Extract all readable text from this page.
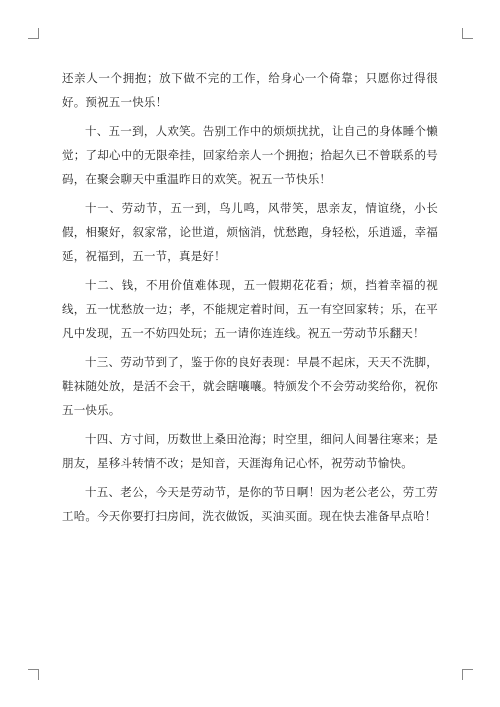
还亲人一个拥抱；放下做不完的工作，给身心一个倚靠；只愿你过得很好。预祝五一快乐！

十、五一到，人欢笑。告别工作中的烦烦扰扰，让自己的身体睡个懒觉；了却心中的无限牵挂，回家给亲人一个拥抱；拾起久已不曾联系的号码，在聚会聊天中重温昨日的欢笑。祝五一节快乐！

十一、劳动节，五一到，鸟儿鸣，风带笑，思亲友，情谊绕，小长假，相聚好，叙家常，论世道，烦恼消，忧愁跑，身轻松，乐逍遥，幸福延，祝福到，五一节，真是好！

十二、钱，不用价值难体现，五一假期花花看；烦，挡着幸福的视线，五一忧愁放一边；孝，不能规定着时间，五一有空回家转；乐，在平凡中发现，五一不妨四处玩；五一请你连连线。祝五一劳动节乐翻天！

十三、劳动节到了，鉴于你的良好表现：早晨不起床，天天不洗脚，鞋袜随处放，是活不会干，就会瞎嚷嚷。特颁发个不会劳动奖给你，祝你五一快乐。

十四、方寸间，历数世上桑田沧海；时空里，细问人间暑往寒来；是朋友，星移斗转情不改；是知音，天涯海角记心怀，祝劳动节愉快。

十五、老公，今天是劳动节，是你的节日啊！因为老公老公，劳工劳工哈。今天你要打扫房间，洗衣做饭，买油买面。现在快去准备早点哈！
